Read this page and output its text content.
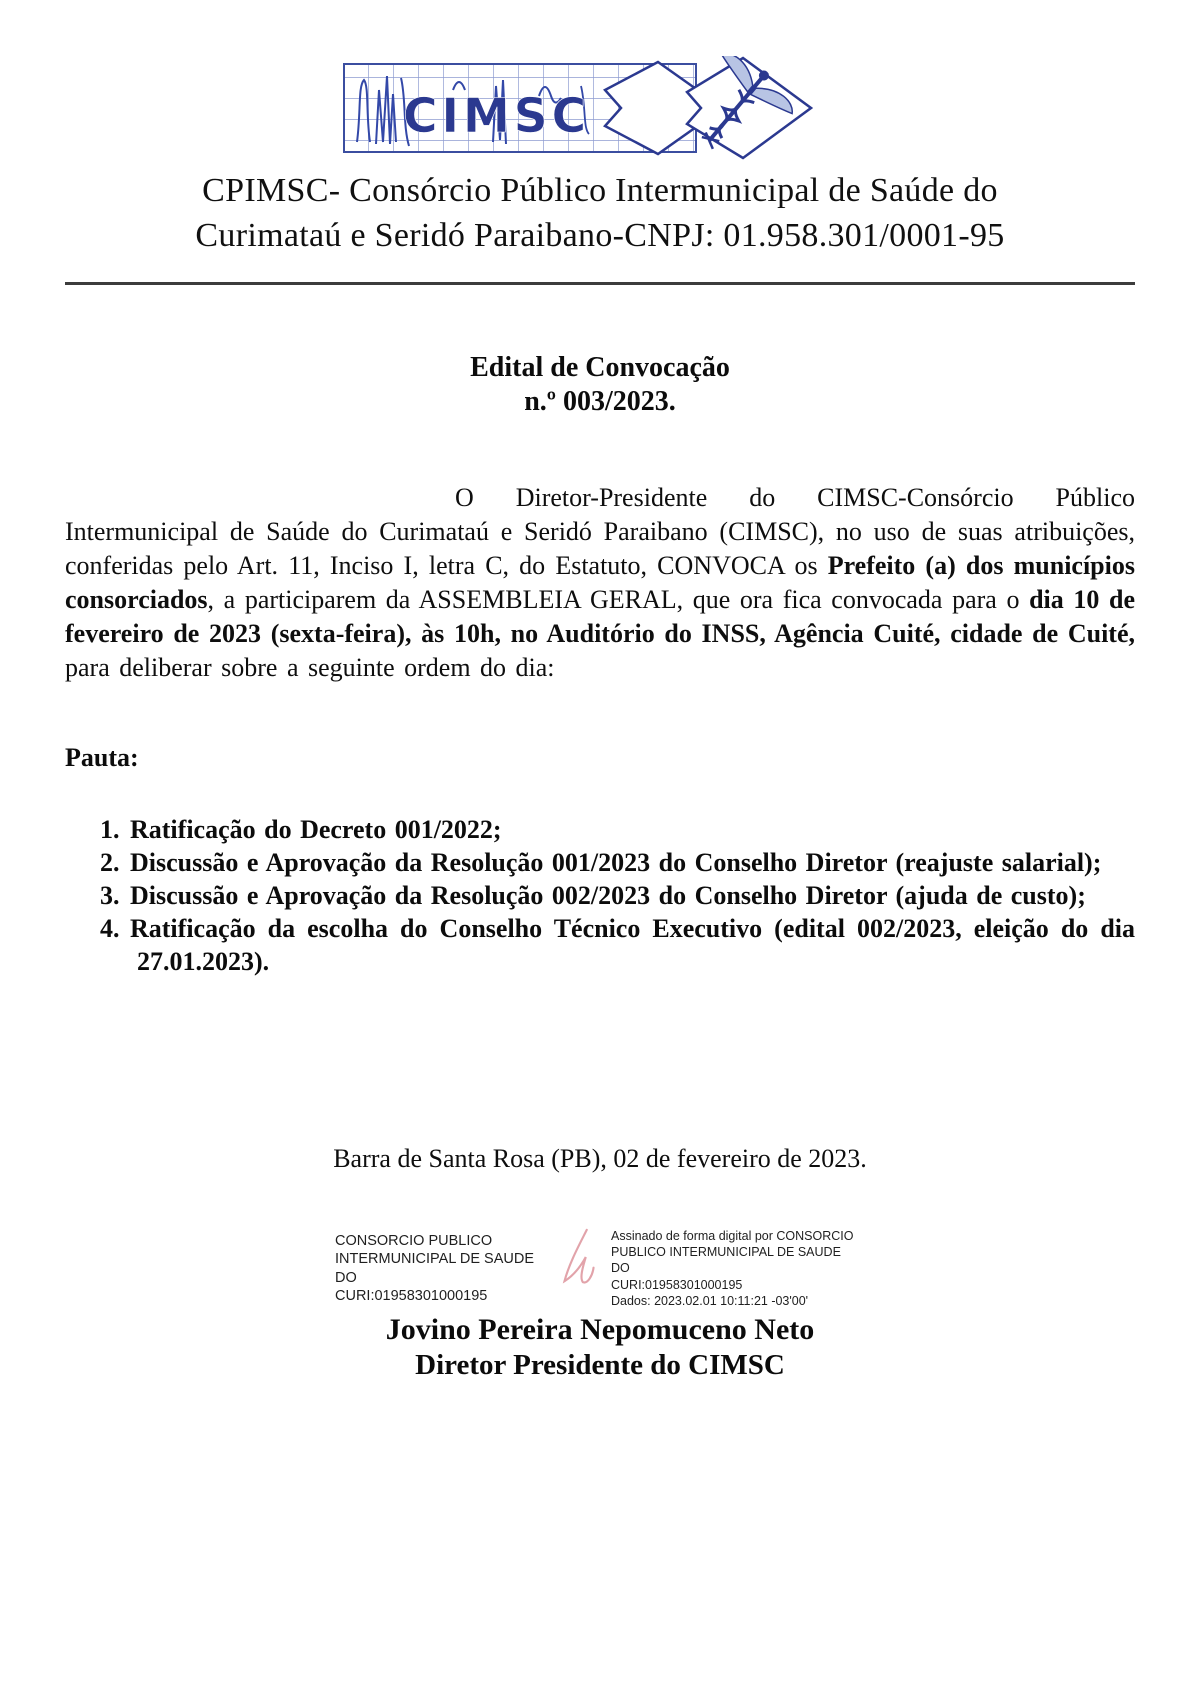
CIMSC
CPIMSC- Consórcio Público Intermunicipal de Saúde do
Curimataú e Seridó Paraibano-CNPJ: 01.958.301/0001-95
Edital de Convocação
n.º 003/2023.

O Diretor-Presidente do CIMSC-Consórcio Público Intermunicipal de Saúde do Curimataú e Seridó Paraibano (CIMSC), no uso de suas atribuições, conferidas pelo Art. 11, Inciso I, letra C, do Estatuto, CONVOCA os Prefeito (a) dos municípios consorciados, a participarem da ASSEMBLEIA GERAL, que ora fica convocada para o dia 10 de fevereiro de 2023 (sexta-feira), às 10h, no Auditório do INSS, Agência Cuité, cidade de Cuité, para deliberar sobre a seguinte ordem do dia:

Pauta:
1. Ratificação do Decreto 001/2022;
2. Discussão e Aprovação da Resolução 001/2023 do Conselho Diretor (reajuste salarial);
3. Discussão e Aprovação da Resolução 002/2023 do Conselho Diretor (ajuda de custo);
4. Ratificação da escolha do Conselho Técnico Executivo (edital 002/2023, eleição do dia 27.01.2023).
Barra de Santa Rosa (PB), 02 de fevereiro de 2023.
CONSORCIO PUBLICO
INTERMUNICIPAL DE SAUDE DO
CURI:01958301000195
Assinado de forma digital por CONSORCIO
PUBLICO INTERMUNICIPAL DE SAUDE DO
CURI:01958301000195
Dados: 2023.02.01 10:11:21 -03'00'
Jovino Pereira Nepomuceno Neto
Diretor Presidente do CIMSC
